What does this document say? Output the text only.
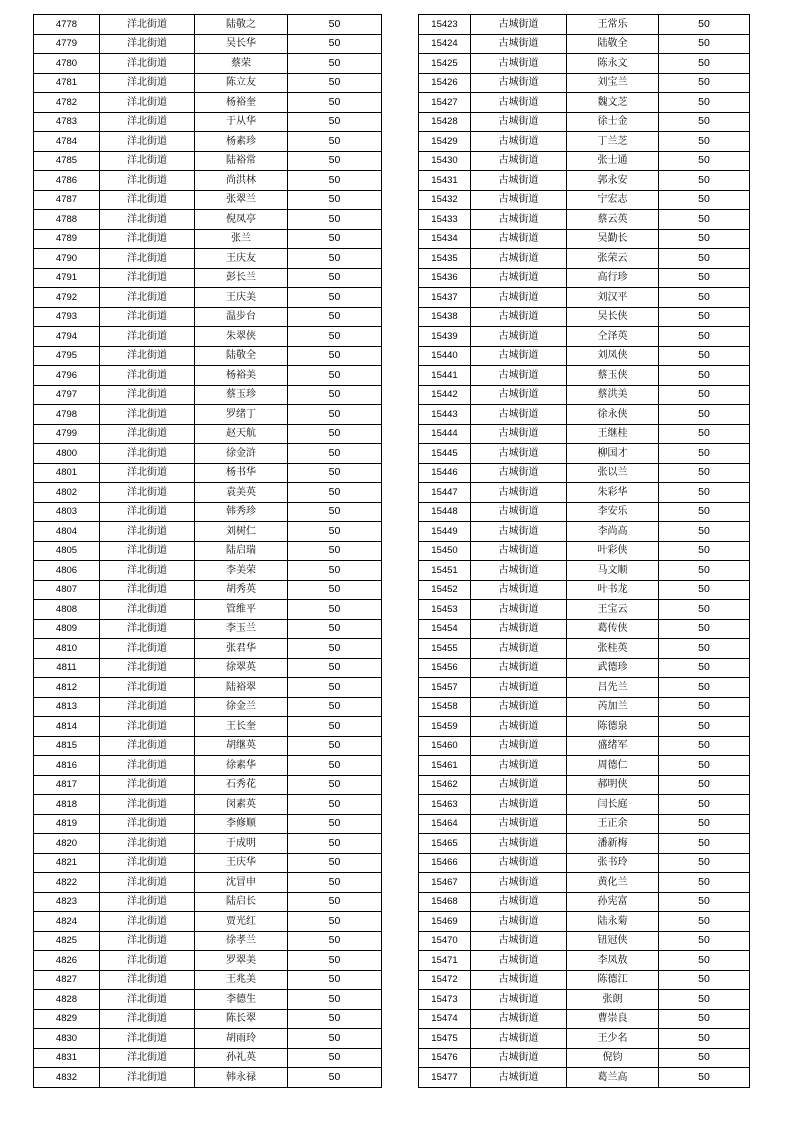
4778	洋北街道	陆敬之	50
4779	洋北街道	吴长华	50
4780	洋北街道	蔡荣	50
4781	洋北街道	陈立友	50
4782	洋北街道	杨裕奎	50
4783	洋北街道	于从华	50
4784	洋北街道	杨素珍	50
4785	洋北街道	陆裕常	50
4786	洋北街道	尚洪林	50
4787	洋北街道	张翠兰	50
4788	洋北街道	倪凤亭	50
4789	洋北街道	张兰	50
4790	洋北街道	王庆友	50
4791	洋北街道	彭长兰	50
4792	洋北街道	王庆美	50
4793	洋北街道	温步台	50
4794	洋北街道	朱翠侠	50
4795	洋北街道	陆敬全	50
4796	洋北街道	杨裕美	50
4797	洋北街道	蔡玉珍	50
4798	洋北街道	罗绪丁	50
4799	洋北街道	赵天航	50
4800	洋北街道	徐金浒	50
4801	洋北街道	杨书华	50
4802	洋北街道	袁美英	50
4803	洋北街道	韩秀珍	50
4804	洋北街道	刘树仁	50
4805	洋北街道	陆启瑞	50
4806	洋北街道	李美荣	50
4807	洋北街道	胡秀英	50
4808	洋北街道	管维平	50
4809	洋北街道	李玉兰	50
4810	洋北街道	张君华	50
4811	洋北街道	徐翠英	50
4812	洋北街道	陆裕翠	50
4813	洋北街道	徐金兰	50
4814	洋北街道	王长奎	50
4815	洋北街道	胡继英	50
4816	洋北街道	徐素华	50
4817	洋北街道	石秀花	50
4818	洋北街道	闵素英	50
4819	洋北街道	李修顺	50
4820	洋北街道	于成明	50
4821	洋北街道	王庆华	50
4822	洋北街道	沈冒申	50
4823	洋北街道	陆启长	50
4824	洋北街道	贾光红	50
4825	洋北街道	徐孝兰	50
4826	洋北街道	罗翠美	50
4827	洋北街道	王兆美	50
4828	洋北街道	李德生	50
4829	洋北街道	陈长翠	50
4830	洋北街道	胡雨玲	50
4831	洋北街道	孙礼英	50
4832	洋北街道	韩永禄	50
15423	古城街道	王常乐	50
15424	古城街道	陆敬全	50
15425	古城街道	陈永文	50
15426	古城街道	刘宝兰	50
15427	古城街道	魏文芝	50
15428	古城街道	徐士金	50
15429	古城街道	丁兰芝	50
15430	古城街道	张士通	50
15431	古城街道	郭永安	50
15432	古城街道	宁宏志	50
15433	古城街道	蔡云英	50
15434	古城街道	吴勤长	50
15435	古城街道	张荣云	50
15436	古城街道	高行珍	50
15437	古城街道	刘汉平	50
15438	古城街道	吴长侠	50
15439	古城街道	仝泽英	50
15440	古城街道	刘凤侠	50
15441	古城街道	蔡玉侠	50
15442	古城街道	蔡洪美	50
15443	古城街道	徐永侠	50
15444	古城街道	王继桂	50
15445	古城街道	柳国才	50
15446	古城街道	张以兰	50
15447	古城街道	朱彩华	50
15448	古城街道	李安乐	50
15449	古城街道	李尚高	50
15450	古城街道	叶彩侠	50
15451	古城街道	马文顺	50
15452	古城街道	叶书龙	50
15453	古城街道	王宝云	50
15454	古城街道	葛传侠	50
15455	古城街道	张桂英	50
15456	古城街道	武德珍	50
15457	古城街道	吕先兰	50
15458	古城街道	芮加兰	50
15459	古城街道	陈德泉	50
15460	古城街道	盛绪军	50
15461	古城街道	周德仁	50
15462	古城街道	郝明侠	50
15463	古城街道	闫长庭	50
15464	古城街道	王正余	50
15465	古城街道	潘新梅	50
15466	古城街道	张书玲	50
15467	古城街道	黄化兰	50
15468	古城街道	孙宪富	50
15469	古城街道	陆永菊	50
15470	古城街道	钮冠侠	50
15471	古城街道	李凤敖	50
15472	古城街道	陈德江	50
15473	古城街道	张朗	50
15474	古城街道	曹崇良	50
15475	古城街道	王少名	50
15476	古城街道	倪钧	50
15477	古城街道	葛兰高	50
